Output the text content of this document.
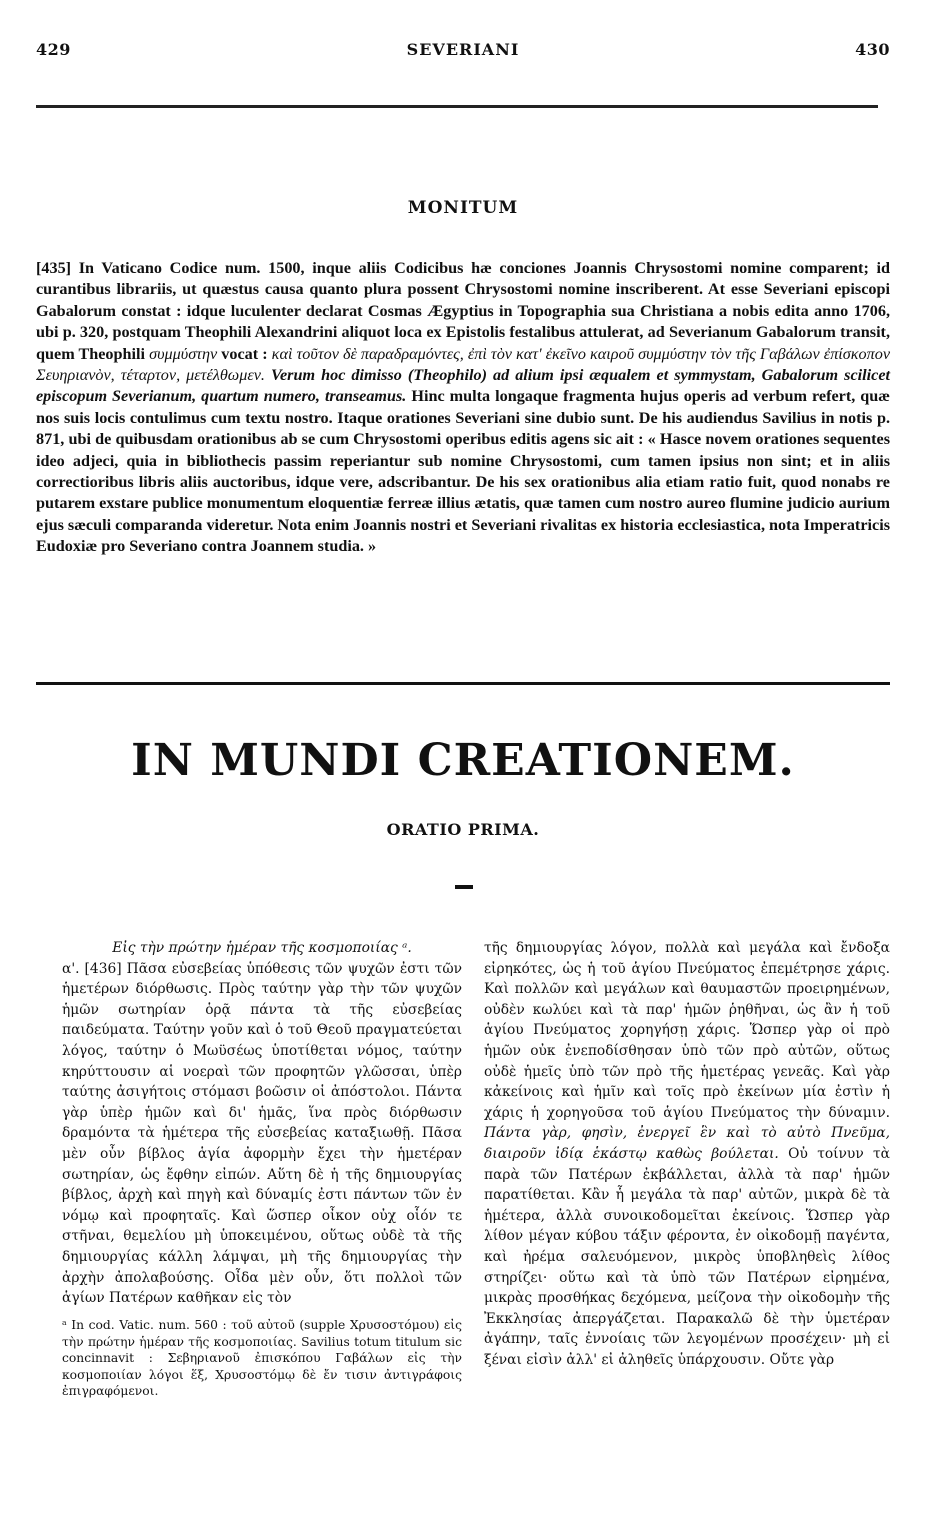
429	SEVERIANI	430
MONITUM
[435] In Vaticano Codice num. 1500, inque aliis Codicibus hæ conciones Joannis Chrysostomi nomine comparent; id curantibus librariis, ut quæstus causa quanto plura possent Chrysostomi nomine inscriberent. At esse Severiani episcopi Gabalorum constat : idque luculenter declarat Cosmas Ægyptius in Topographia sua Christiana a nobis edita anno 1706, ubi p. 320, postquam Theophili Alexandrini aliquot loca ex Epistolis festalibus attulerat, ad Severianum Gabalorum transit, quem Theophili συμμύστην vocat : καὶ τοῦτον δὲ παραδραμόντες, ἐπὶ τὸν κατ' ἐκεῖνο καιροῦ συμμύστην τὸν τῆς Γαβάλων ἐπίσκοπον Σευηριανὸν, τέταρτον, μετέλθωμεν. Verum hoc dimisso (Theophilo) ad alium ipsi æqualem et symmystam, Gabalorum scilicet episcopum Severianum, quartum numero, transeamus. Hinc multa longaque fragmenta hujus operis ad verbum refert, quæ nos suis locis contulimus cum textu nostro. Itaque orationes Severiani sine dubio sunt. De his audiendus Savilius in notis p. 871, ubi de quibusdam orationibus ab se cum Chrysostomi operibus editis agens sic ait : « Hasce novem orationes sequentes ideo adjeci, quia in bibliothecis passim reperiantur sub nomine Chrysostomi, cum tamen ipsius non sint; et in aliis correctioribus libris aliis auctoribus, idque vere, adscribantur. De his sex orationibus alia etiam ratio fuit, quod nonabs re putarem exstare publice monumentum eloquentiæ ferreæ illius ætatis, quæ tamen cum nostro aureo flumine judicio aurium ejus sæculi comparanda videretur. Nota enim Joannis nostri et Severiani rivalitas ex historia ecclesiastica, nota Imperatricis Eudoxiæ pro Severiano contra Joannem studia. »
IN MUNDI CREATIONEM.
ORATIO PRIMA.

Εἰς τὴν πρώτην ἡμέραν τῆς κοσμοποιίας ᵃ.

α'. [436] Πᾶσα εὐσεβείας ὑπόθεσις τῶν ψυχῶν ἐστι τῶν ἡμετέρων διόρθωσις. Πρὸς ταύτην γὰρ τὴν τῶν ψυχῶν ἡμῶν σωτηρίαν ὁρᾷ πάντα τὰ τῆς εὐσεβείας παιδεύματα. Ταύτην γοῦν καὶ ὁ τοῦ Θεοῦ πραγματεύεται λόγος, ταύτην ὁ Μωϋσέως ὑποτίθεται νόμος, ταύτην κηρύττουσιν αἱ νοεραὶ τῶν προφητῶν γλῶσσαι, ὑπὲρ ταύτης ἀσιγήτοις στόμασι βοῶσιν οἱ ἀπόστολοι. Πάντα γὰρ ὑπὲρ ἡμῶν καὶ δι' ἡμᾶς, ἵνα πρὸς διόρθωσιν δραμόντα τὰ ἡμέτερα τῆς εὐσεβείας καταξιωθῇ. Πᾶσα μὲν οὖν βίβλος ἁγία ἀφορμὴν ἔχει τὴν ἡμετέραν σωτηρίαν, ὡς ἔφθην εἰπών. Αὕτη δὲ ἡ τῆς δημιουργίας βίβλος, ἀρχὴ καὶ πηγὴ καὶ δύναμίς ἐστι πάντων τῶν ἐν νόμῳ καὶ προφηταῖς. Καὶ ὥσπερ οἶκον οὐχ οἷόν τε στῆναι, θεμελίου μὴ ὑποκειμένου, οὕτως οὐδὲ τὰ τῆς δημιουργίας κάλλη λάμψαι, μὴ τῆς δημιουργίας τὴν ἀρχὴν ἀπολαβούσης. Οἶδα μὲν οὖν, ὅτι πολλοὶ τῶν ἁγίων Πατέρων καθῆκαν εἰς τὸν

τῆς δημιουργίας λόγον, πολλὰ καὶ μεγάλα καὶ ἔνδοξα εἰρηκότες, ὡς ἡ τοῦ ἁγίου Πνεύματος ἐπεμέτρησε χάρις. Καὶ πολλῶν καὶ μεγάλων καὶ θαυμαστῶν προειρημένων, οὐδὲν κωλύει καὶ τὰ παρ' ἡμῶν ῥηθῆναι, ὡς ἂν ἡ τοῦ ἁγίου Πνεύματος χορηγήσῃ χάρις. Ὥσπερ γὰρ οἱ πρὸ ἡμῶν οὐκ ἐνεποδίσθησαν ὑπὸ τῶν πρὸ αὐτῶν, οὕτως οὐδὲ ἡμεῖς ὑπὸ τῶν πρὸ τῆς ἡμετέρας γενεᾶς. Καὶ γὰρ κἀκείνοις καὶ ἡμῖν καὶ τοῖς πρὸ ἐκείνων μία ἐστὶν ἡ χάρις ἡ χορηγοῦσα τοῦ ἁγίου Πνεύματος τὴν δύναμιν. Πάντα γὰρ, φησὶν, ἐνεργεῖ ἓν καὶ τὸ αὐτὸ Πνεῦμα, διαιροῦν ἰδίᾳ ἑκάστῳ καθὼς βούλεται. Οὐ τοίνυν τὰ παρὰ τῶν Πατέρων ἐκβάλλεται, ἀλλὰ τὰ παρ' ἡμῶν παρατίθεται. Κἂν ἧ μεγάλα τὰ παρ' αὐτῶν, μικρὰ δὲ τὰ ἡμέτερα, ἀλλὰ συνοικοδομεῖται ἐκείνοις. Ὥσπερ γὰρ λίθον μέγαν κύβου τάξιν φέροντα, ἐν οἰκοδομῇ παγέντα, καὶ ἠρέμα σαλευόμενον, μικρὸς ὑποβληθεὶς λίθος στηρίζει· οὕτω καὶ τὰ ὑπὸ τῶν Πατέρων εἰρημένα, μικρὰς προσθήκας δεχόμενα, μείζονα τὴν οἰκοδομὴν τῆς Ἐκκλησίας ἀπεργάζεται. Παρακαλῶ δὲ τὴν ὑμετέραν ἀγάπην, ταῖς ἐννοίαις τῶν λεγομένων προσέχειν· μὴ εἰ ξέναι εἰσὶν ἀλλ' εἰ ἀληθεῖς ὑπάρχουσιν. Οὔτε γὰρ
ᵃ In cod. Vatic. num. 560 : τοῦ αὐτοῦ (supple Χρυσοστόμου) εἰς τὴν πρώτην ἡμέραν τῆς κοσμοποιίας. Savilius totum titulum sic concinnavit : Σεβηριανοῦ ἐπισκόπου Γαβάλων εἰς τὴν κοσμοποιίαν λόγοι ἕξ, Χρυσοστόμῳ δὲ ἔν τισιν ἀντιγράφοις ἐπιγραφόμενοι.
